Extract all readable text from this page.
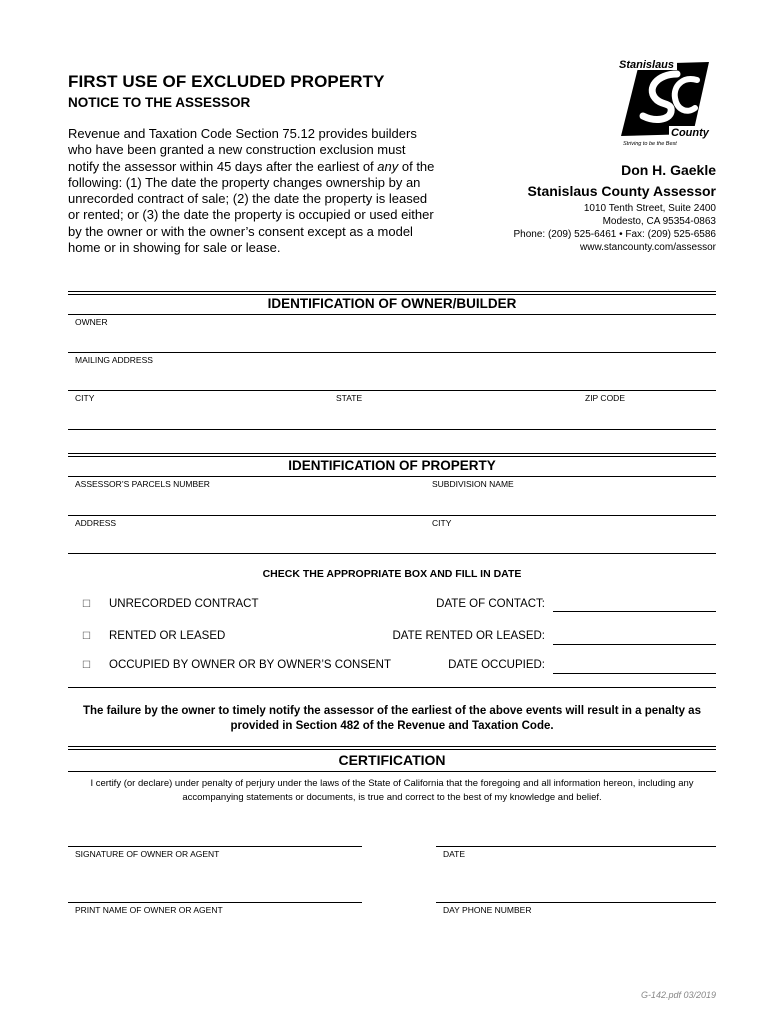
FIRST USE OF EXCLUDED PROPERTY
NOTICE TO THE ASSESSOR

Revenue and Taxation Code Section 75.12 provides builders who have been granted a new construction exclusion must notify the assessor within 45 days after the earliest of any of the following: (1) The date the property changes ownership by an unrecorded contract of sale; (2) the date the property is leased or rented; or (3) the date the property is occupied or used either by the owner or with the owner’s consent except as a model home or in showing for sale or lease.

Stanislaus
County
Striving to be the Best
Don H. Gaekle
Stanislaus County Assessor
1010 Tenth Street, Suite 2400
Modesto, CA 95354-0863
Phone: (209) 525-6461 • Fax: (209) 525-6586
www.stancounty.com/assessor
IDENTIFICATION OF OWNER/BUILDER
OWNER
MAILING ADDRESS
CITY	STATE	ZIP CODE
IDENTIFICATION OF PROPERTY
ASSESSOR’S PARCELS NUMBER	SUBDIVISION NAME
ADDRESS	CITY
CHECK THE APPROPRIATE BOX AND FILL IN DATE
☐ UNRECORDED CONTRACT	DATE OF CONTACT:
☐ RENTED OR LEASED	DATE RENTED OR LEASED:
☐ OCCUPIED BY OWNER OR BY OWNER’S CONSENT	DATE OCCUPIED:
The failure by the owner to timely notify the assessor of the earliest of the above events will result in a penalty as provided in Section 482 of the Revenue and Taxation Code.
CERTIFICATION
I certify (or declare) under penalty of perjury under the laws of the State of California that the foregoing and all information hereon, including any accompanying statements or documents, is true and correct to the best of my knowledge and belief.
SIGNATURE OF OWNER OR AGENT	DATE
PRINT NAME OF OWNER OR AGENT	DAY PHONE NUMBER
G-142.pdf 03/2019
